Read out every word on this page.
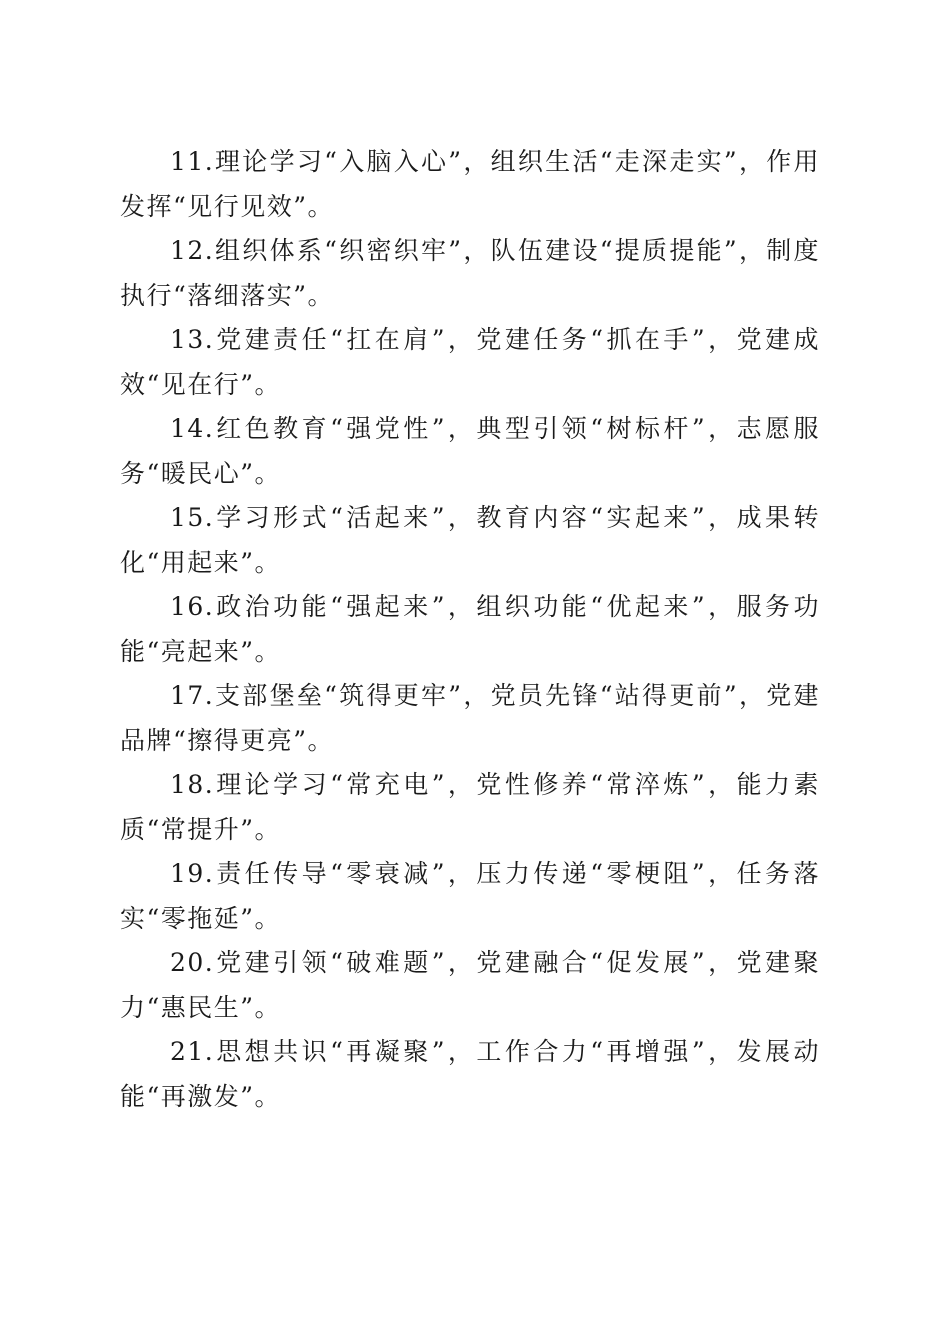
11.理论学习“入脑入心”，组织生活“走深走实”，作用发挥“见行见效”。

12.组织体系“织密织牢”，队伍建设“提质提能”，制度执行“落细落实”。

13.党建责任“扛在肩”，党建任务“抓在手”，党建成效“见在行”。

14.红色教育“强党性”，典型引领“树标杆”，志愿服务“暖民心”。

15.学习形式“活起来”，教育内容“实起来”，成果转化“用起来”。

16.政治功能“强起来”，组织功能“优起来”，服务功能“亮起来”。

17.支部堡垒“筑得更牢”，党员先锋“站得更前”，党建品牌“擦得更亮”。

18.理论学习“常充电”，党性修养“常淬炼”，能力素质“常提升”。

19.责任传导“零衰减”，压力传递“零梗阻”，任务落实“零拖延”。

20.党建引领“破难题”，党建融合“促发展”，党建聚力“惠民生”。

21.思想共识“再凝聚”，工作合力“再增强”，发展动能“再激发”。
